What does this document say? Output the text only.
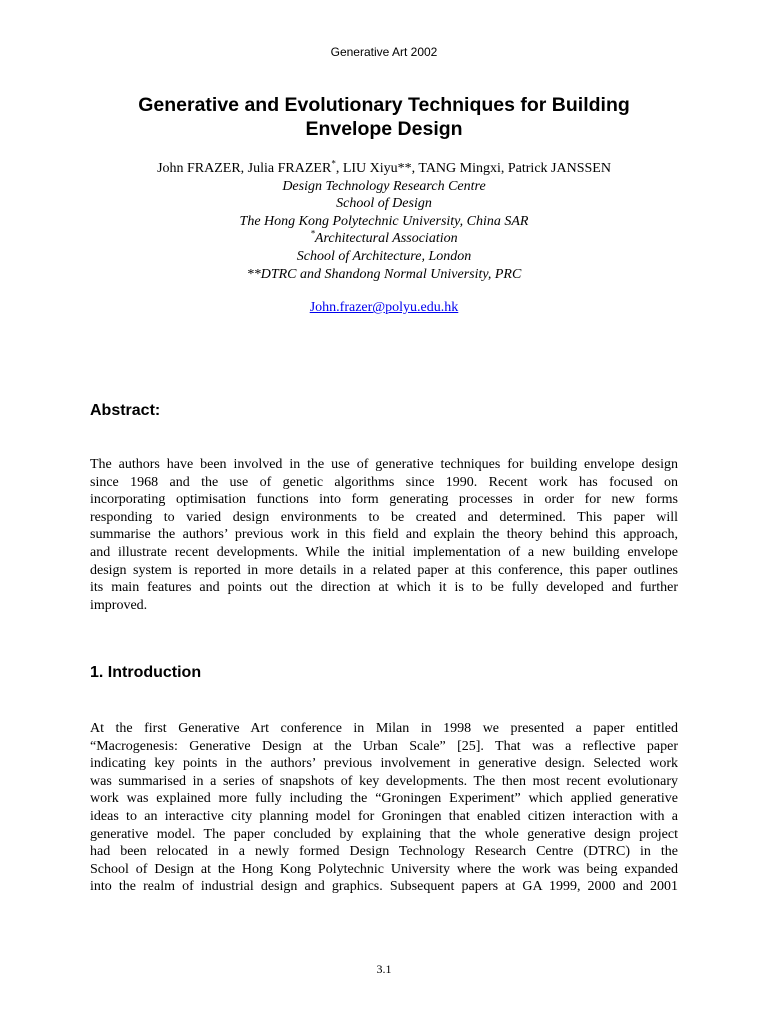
Generative Art 2002
Generative and Evolutionary Techniques for Building
Envelope Design
John FRAZER, Julia FRAZER*, LIU Xiyu**, TANG Mingxi, Patrick JANSSEN
Design Technology Research Centre
School of Design
The Hong Kong Polytechnic University, China SAR
*Architectural Association
School of Architecture, London
**DTRC and Shandong Normal University, PRC
John.frazer@polyu.edu.hk
Abstract:
The authors have been involved in the use of generative techniques for building envelope design
since 1968 and the use of genetic algorithms since 1990. Recent work has focused on
incorporating optimisation functions into form generating processes in order for new forms
responding to varied design environments to be created and determined. This paper will
summarise the authors’ previous work in this field and explain the theory behind this approach,
and illustrate recent developments. While the initial implementation of a new building envelope
design system is reported in more details in a related paper at this conference, this paper outlines
its main features and points out the direction at which it is to be fully developed and further
improved.
1. Introduction
At the first Generative Art conference in Milan in 1998 we presented a paper entitled
“Macrogenesis: Generative Design at the Urban Scale” [25]. That was a reflective paper
indicating key points in the authors’ previous involvement in generative design. Selected work
was summarised in a series of snapshots of key developments. The then most recent evolutionary
work was explained more fully including the “Groningen Experiment” which applied generative
ideas to an interactive city planning model for Groningen that enabled citizen interaction with a
generative model. The paper concluded by explaining that the whole generative design project
had been relocated in a newly formed Design Technology Research Centre (DTRC) in the
School of Design at the Hong Kong Polytechnic University where the work was being expanded
into the realm of industrial design and graphics. Subsequent papers at GA 1999, 2000 and 2001
3.1
